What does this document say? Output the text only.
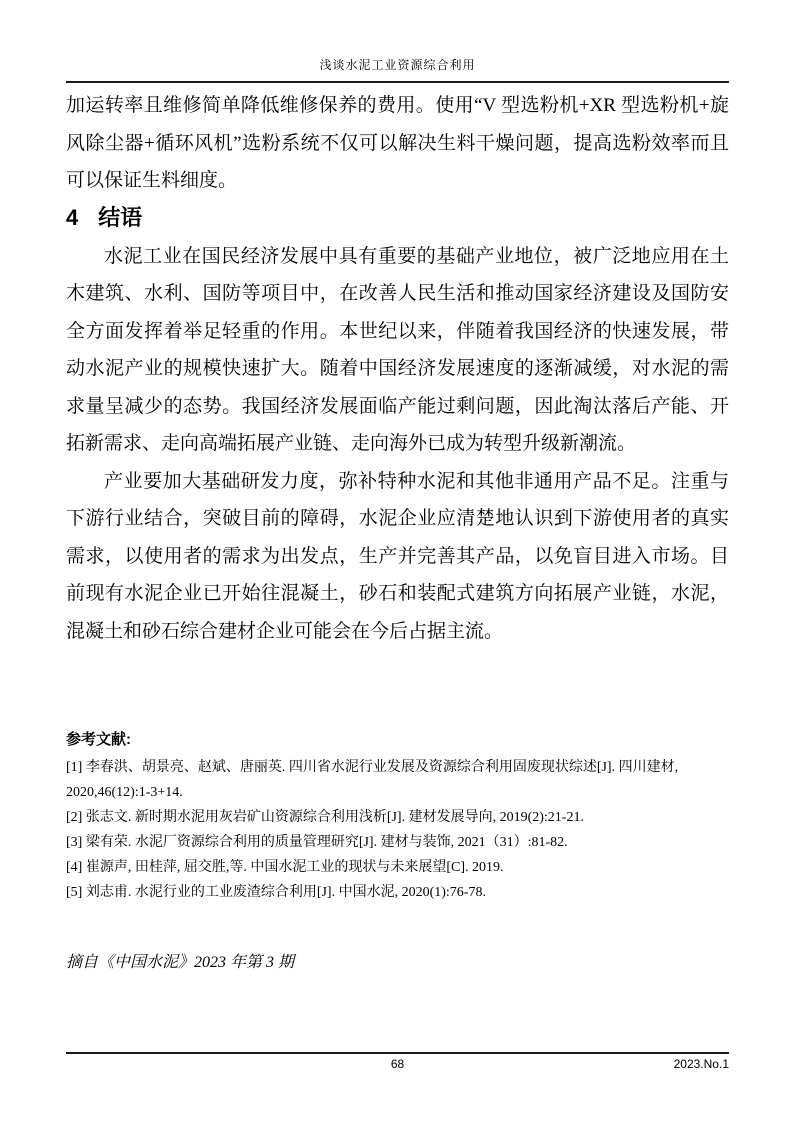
浅谈水泥工业资源综合利用

加运转率且维修简单降低维修保养的费用。使用“V 型选粉机+XR 型选粉机+旋风除尘器+循环风机”选粉系统不仅可以解决生料干燥问题，提高选粉效率而且可以保证生料细度。

4 结语

水泥工业在国民经济发展中具有重要的基础产业地位，被广泛地应用在土木建筑、水利、国防等项目中，在改善人民生活和推动国家经济建设及国防安全方面发挥着举足轻重的作用。本世纪以来，伴随着我国经济的快速发展，带动水泥产业的规模快速扩大。随着中国经济发展速度的逐渐减缓，对水泥的需求量呈减少的态势。我国经济发展面临产能过剩问题，因此淘汰落后产能、开拓新需求、走向高端拓展产业链、走向海外已成为转型升级新潮流。

产业要加大基础研发力度，弥补特种水泥和其他非通用产品不足。注重与下游行业结合，突破目前的障碍，水泥企业应清楚地认识到下游使用者的真实需求，以使用者的需求为出发点，生产并完善其产品，以免盲目进入市场。目前现有水泥企业已开始往混凝土，砂石和装配式建筑方向拓展产业链，水泥，混凝土和砂石综合建材企业可能会在今后占据主流。

参考文献:

[1] 李春洪、胡景亮、赵斌、唐丽英. 四川省水泥行业发展及资源综合利用固废现状综述[J]. 四川建材, 2020,46(12):1-3+14.

[2] 张志文. 新时期水泥用灰岩矿山资源综合利用浅析[J]. 建材发展导向, 2019(2):21-21.

[3] 梁有荣. 水泥厂资源综合利用的质量管理研究[J]. 建材与装饰, 2021（31）:81-82.

[4] 崔源声, 田桂萍, 屈交胜,等. 中国水泥工业的现状与未来展望[C]. 2019.

[5] 刘志甫. 水泥行业的工业废渣综合利用[J]. 中国水泥, 2020(1):76-78.

摘自《中国水泥》2023 年第 3 期

68	2023.No.1
